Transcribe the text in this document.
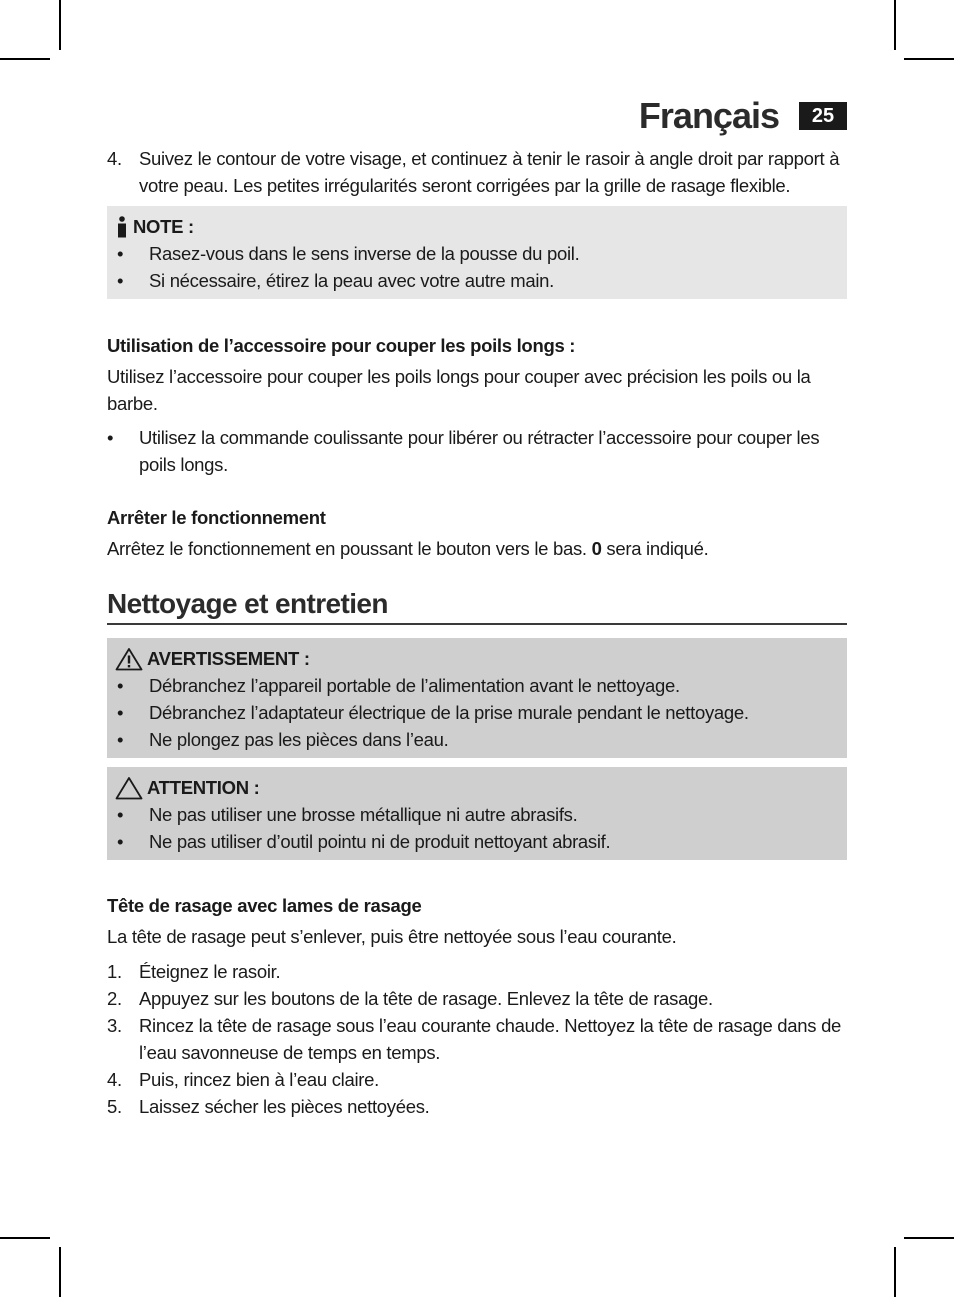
Français	25
4. Suivez le contour de votre visage, et continuez à tenir le rasoir à angle droit par rapport à votre peau. Les petites irrégularités seront corrigées par la grille de rasage flexible.
NOTE :
•	Rasez-vous dans le sens inverse de la pousse du poil.
•	Si nécessaire, étirez la peau avec votre autre main.

Utilisation de l’accessoire pour couper les poils longs :

Utilisez l’accessoire pour couper les poils longs pour couper avec précision les poils ou la barbe.

•	Utilisez la commande coulissante pour libérer ou rétracter l’accessoire pour couper les poils longs.

Arrêter le fonctionnement

Arrêtez le fonctionnement en poussant le bouton vers le bas. 0 sera indiqué.

Nettoyage et entretien
AVERTISSEMENT :
•	Débranchez l’appareil portable de l’alimentation avant le nettoyage.
•	Débranchez l’adaptateur électrique de la prise murale pendant le nettoyage.
•	Ne plongez pas les pièces dans l’eau.
ATTENTION :
•	Ne pas utiliser une brosse métallique ni autre abrasifs.
•	Ne pas utiliser d’outil pointu ni de produit nettoyant abrasif.

Tête de rasage avec lames de rasage

La tête de rasage peut s’enlever, puis être nettoyée sous l’eau courante.

1. Éteignez le rasoir.
2. Appuyez sur les boutons de la tête de rasage. Enlevez la tête de rasage.
3. Rincez la tête de rasage sous l’eau courante chaude. Nettoyez la tête de rasage dans de l’eau savonneuse de temps en temps.
4. Puis, rincez bien à l’eau claire.
5. Laissez sécher les pièces nettoyées.
